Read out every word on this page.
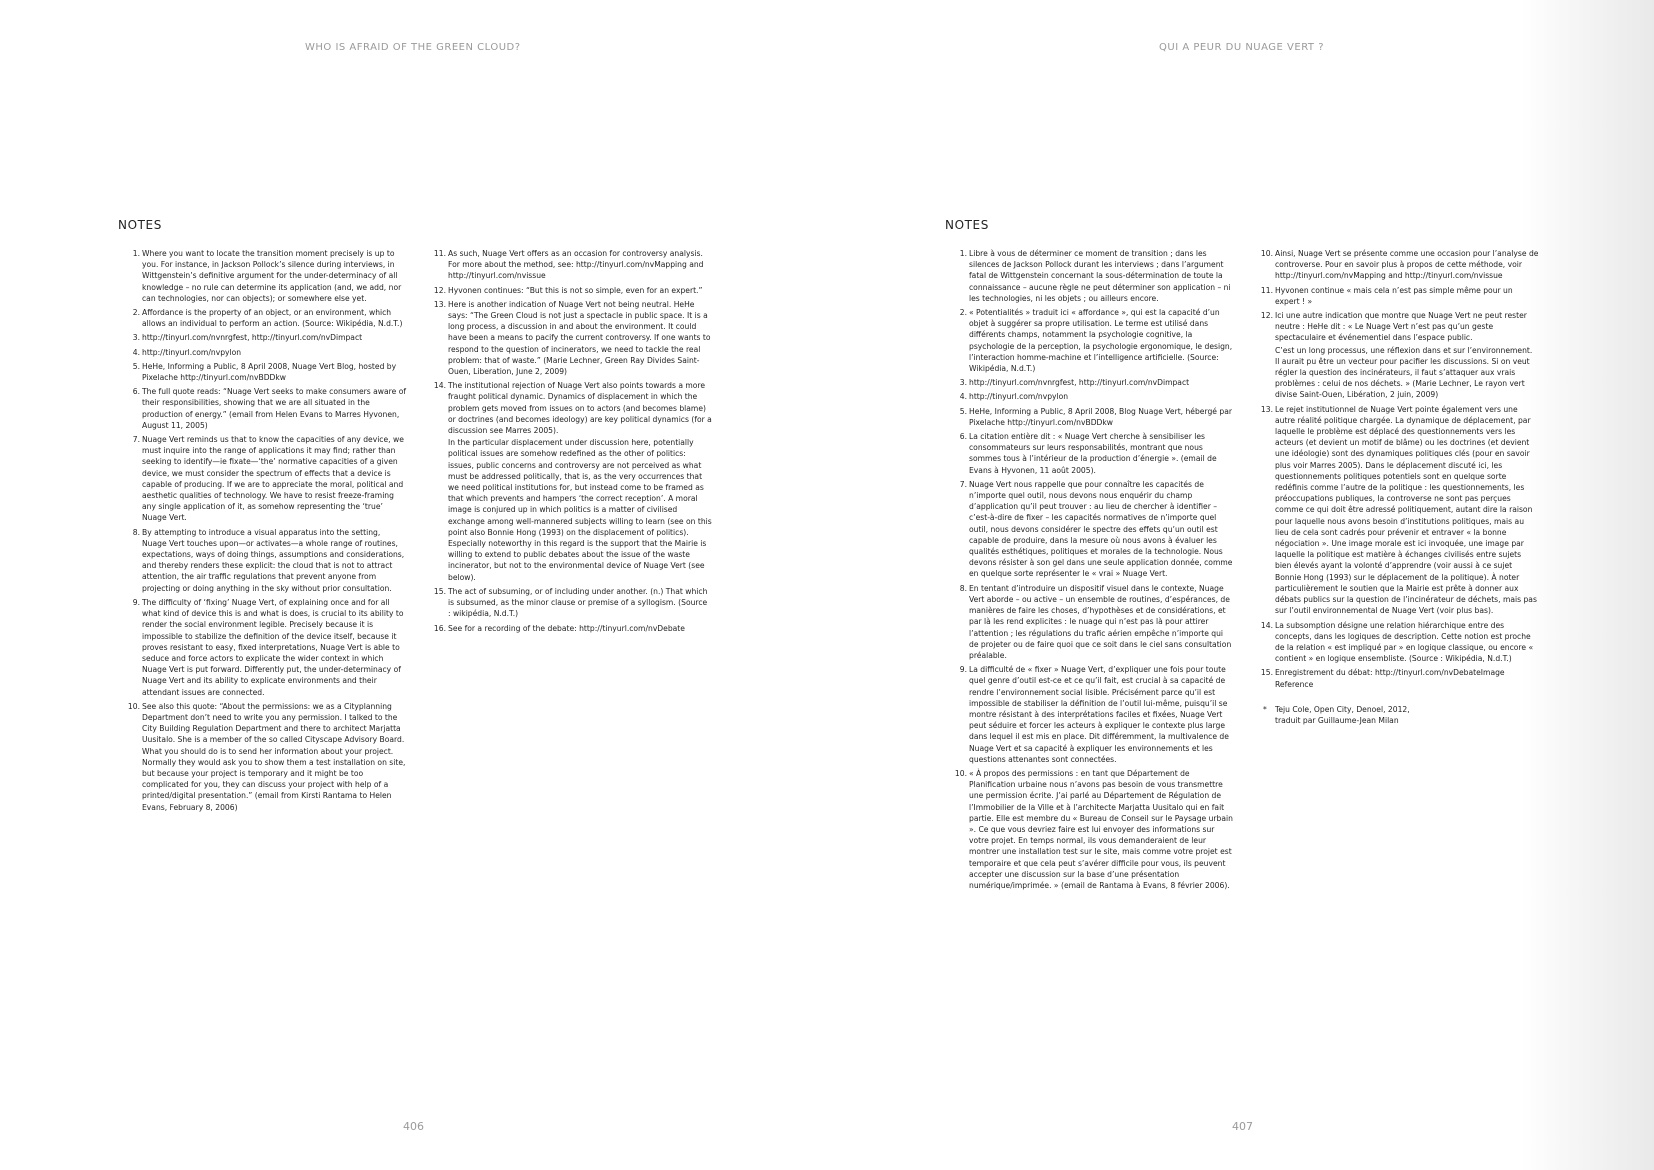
WHO IS AFRAID OF THE GREEN CLOUD?
NOTES
1 . Where you want to locate the transition moment precisely is up to you. For instance, in Jackson Pollock’s silence during interviews, in Wittgenstein’s definitive argument for the under-determinacy of all knowledge – no rule can determine its application (and, we add, nor can technologies, nor can objects); or somewhere else yet.
2 . Affordance is the property of an object, or an environment, which allows an individual to perform an action. (Source: Wikipédia, N.d.T.)
3 . http://tinyurl.com/nvnrgfest, http://tinyurl.com/nvDimpact
4 . http://tinyurl.com/nvpylon
5 . HeHe, Informing a Public, 8 April 2008, Nuage Vert Blog, hosted by Pixelache http://tinyurl.com/nvBDDkw
6 . The full quote reads: “Nuage Vert seeks to make consumers aware of their responsibilities, showing that we are all situated in the production of energy.” (email from Helen Evans to Marres Hyvonen, August 11, 2005)
7 . Nuage Vert reminds us that to know the capacities of any device, we must inquire into the range of applications it may find; rather than seeking to identify—ie fixate—‘the’ normative capacities of a given device, we must consider the spectrum of effects that a device is capable of producing. If we are to appreciate the moral, political and aesthetic qualities of technology. We have to resist freeze-framing any single application of it, as somehow representing the ‘true’ Nuage Vert.
8 . By attempting to introduce a visual apparatus into the setting, Nuage Vert touches upon—or activates—a whole range of routines, expectations, ways of doing things, assumptions and considerations, and thereby renders these explicit: the cloud that is not to attract attention, the air traffic regulations that prevent anyone from projecting or doing anything in the sky without prior consultation.
9 . The difficulty of ‘fixing’ Nuage Vert, of explaining once and for all what kind of device this is and what is does, is crucial to its ability to render the social environment legible. Precisely because it is impossible to stabilize the definition of the device itself, because it proves resistant to easy, fixed interpretations, Nuage Vert is able to seduce and force actors to explicate the wider context in which Nuage Vert is put forward. Differently put, the under-determinacy of Nuage Vert and its ability to explicate environments and their attendant issues are connected.
10 . See also this quote: “About the permissions: we as a Cityplanning Department don’t need to write you any permission. I talked to the City Building Regulation Department and there to architect Marjatta Uusitalo. She is a member of the so called Cityscape Advisory Board. What you should do is to send her information about your project. Normally they would ask you to show them a test installation on site, but because your project is temporary and it might be too complicated for you, they can discuss your project with help of a printed/digital presentation.” (email from Kirsti Rantama to Helen Evans, February 8, 2006)
11 . As such, Nuage Vert offers as an occasion for controversy analysis. For more about the method, see: http://tinyurl.com/nvMapping and http://tinyurl.com/nvissue
12 . Hyvonen continues: “But this is not so simple, even for an expert.”
13 . Here is another indication of Nuage Vert not being neutral. HeHe says: “The Green Cloud is not just a spectacle in public space. It is a long process, a discussion in and about the environment. It could have been a means to pacify the current controversy. If one wants to respond to the question of incinerators, we need to tackle the real problem: that of waste.” (Marie Lechner, Green Ray Divides Saint-Ouen, Liberation, June 2, 2009)
14 . The institutional rejection of Nuage Vert also points towards a more fraught political dynamic. Dynamics of displacement in which the problem gets moved from issues on to actors (and becomes blame) or doctrines (and becomes ideology) are key political dynamics (for a discussion see Marres 2005).
In the particular displacement under discussion here, potentially political issues are somehow redefined as the other of politics: issues, public concerns and controversy are not perceived as what must be addressed politically, that is, as the very occurrences that we need political institutions for, but instead come to be framed as that which prevents and hampers ‘the correct reception’. A moral image is conjured up in which politics is a matter of civilised exchange among well-mannered subjects willing to learn (see on this point also Bonnie Hong (1993) on the displacement of politics). Especially noteworthy in this regard is the support that the Mairie is willing to extend to public debates about the issue of the waste incinerator, but not to the environmental device of Nuage Vert (see below).
15 . The act of subsuming, or of including under another. (n.) That which is subsumed, as the minor clause or premise of a syllogism. (Source : wikipédia, N.d.T.)
16 . See for a recording of the debate: http://tinyurl.com/nvDebate
406
QUI A PEUR DU NUAGE VERT ?
NOTES
1 . Libre à vous de déterminer ce moment de transition ; dans les silences de Jackson Pollock durant les interviews ; dans l’argument fatal de Wittgenstein concernant la sous-détermination de toute la connaissance – aucune règle ne peut déterminer son application – ni les technologies, ni les objets ; ou ailleurs encore.
2 . « Potentialités » traduit ici « affordance », qui est la capacité d’un objet à suggérer sa propre utilisation. Le terme est utilisé dans différents champs, notamment la psychologie cognitive, la psychologie de la perception, la psychologie ergonomique, le design, l’interaction homme-machine et l’intelligence artificielle. (Source: Wikipédia, N.d.T.)
3 . http://tinyurl.com/nvnrgfest, http://tinyurl.com/nvDimpact
4 . http://tinyurl.com/nvpylon
5 . HeHe, Informing a Public, 8 April 2008, Blog Nuage Vert, hébergé par Pixelache http://tinyurl.com/nvBDDkw
6 . La citation entière dit : « Nuage Vert cherche à sensibiliser les consommateurs sur leurs responsabilités, montrant que nous sommes tous à l’intérieur de la production d’énergie ». (email de Evans à Hyvonen, 11 août 2005).
7 . Nuage Vert nous rappelle que pour connaître les capacités de n’importe quel outil, nous devons nous enquérir du champ d’application qu’il peut trouver : au lieu de chercher à identifier – c’est-à-dire de fixer – les capacités normatives de n’importe quel outil, nous devons considérer le spectre des effets qu’un outil est capable de produire, dans la mesure où nous avons à évaluer les qualités esthétiques, politiques et morales de la technologie. Nous devons résister à son gel dans une seule application donnée, comme en quelque sorte représenter le « vrai » Nuage Vert.
8 . En tentant d’introduire un dispositif visuel dans le contexte, Nuage Vert aborde – ou active – un ensemble de routines, d’espérances, de manières de faire les choses, d’hypothèses et de considérations, et par là les rend explicites : le nuage qui n’est pas là pour attirer l’attention ; les régulations du trafic aérien empêche n’importe qui de projeter ou de faire quoi que ce soit dans le ciel sans consultation préalable.
9 . La difficulté de « fixer » Nuage Vert, d’expliquer une fois pour toute quel genre d’outil est-ce et ce qu’il fait, est crucial à sa capacité de rendre l’environnement social lisible. Précisément parce qu’il est impossible de stabiliser la définition de l’outil lui-même, puisqu’il se montre résistant à des interprétations faciles et fixées, Nuage Vert peut séduire et forcer les acteurs à expliquer le contexte plus large dans lequel il est mis en place. Dit différemment, la multivalence de Nuage Vert et sa capacité à expliquer les environnements et les questions attenantes sont connectées.
10 . « À propos des permissions : en tant que Département de Planification urbaine nous n’avons pas besoin de vous transmettre une permission écrite. J’ai parlé au Département de Régulation de l’Immobilier de la Ville et à l’architecte Marjatta Uusitalo qui en fait partie. Elle est membre du « Bureau de Conseil sur le Paysage urbain ». Ce que vous devriez faire est lui envoyer des informations sur votre projet. En temps normal, ils vous demanderaient de leur montrer une installation test sur le site, mais comme votre projet est temporaire et que cela peut s’avérer difficile pour vous, ils peuvent accepter une discussion sur la base d’une présentation numérique/imprimée. » (email de Rantama à Evans, 8 février 2006).
10 . Ainsi, Nuage Vert se présente comme une occasion pour l’analyse de controverse. Pour en savoir plus à propos de cette méthode, voir http://tinyurl.com/nvMapping and http://tinyurl.com/nvissue
11 . Hyvonen continue « mais cela n’est pas simple même pour un expert ! »
12 . Ici une autre indication que montre que Nuage Vert ne peut rester neutre : HeHe dit : « Le Nuage Vert n’est pas qu’un geste spectaculaire et événementiel dans l’espace public.
C’est un long processus, une réflexion dans et sur l’environnement. Il aurait pu être un vecteur pour pacifier les discussions. Si on veut régler la question des incinérateurs, il faut s’attaquer aux vrais problèmes : celui de nos déchets. » (Marie Lechner, Le rayon vert divise Saint-Ouen, Libération, 2 juin, 2009)
13 . Le rejet institutionnel de Nuage Vert pointe également vers une autre réalité politique chargée. La dynamique de déplacement, par laquelle le problème est déplacé des questionnements vers les acteurs (et devient un motif de blâme) ou les doctrines (et devient une idéologie) sont des dynamiques politiques clés (pour en savoir plus voir Marres 2005). Dans le déplacement discuté ici, les questionnements politiques potentiels sont en quelque sorte redéfinis comme l’autre de la politique : les questionnements, les préoccupations publiques, la controverse ne sont pas perçues comme ce qui doit être adressé politiquement, autant dire la raison pour laquelle nous avons besoin d’institutions politiques, mais au lieu de cela sont cadrés pour prévenir et entraver « la bonne négociation ». Une image morale est ici invoquée, une image par laquelle la politique est matière à échanges civilisés entre sujets bien élevés ayant la volonté d’apprendre (voir aussi à ce sujet Bonnie Hong (1993) sur le déplacement de la politique). À noter particulièrement le soutien que la Mairie est prête à donner aux débats publics sur la question de l’incinérateur de déchets, mais pas sur l’outil environnemental de Nuage Vert (voir plus bas).
14 . La subsomption désigne une relation hiérarchique entre des concepts, dans les logiques de description. Cette notion est proche de la relation « est impliqué par » en logique classique, ou encore « contient » en logique ensembliste. (Source : Wikipédia, N.d.T.)
15 . Enregistrement du débat: http://tinyurl.com/nvDebateImage Reference
* Teju Cole, Open City, Denoel, 2012,
traduit par Guillaume-Jean Milan
407
